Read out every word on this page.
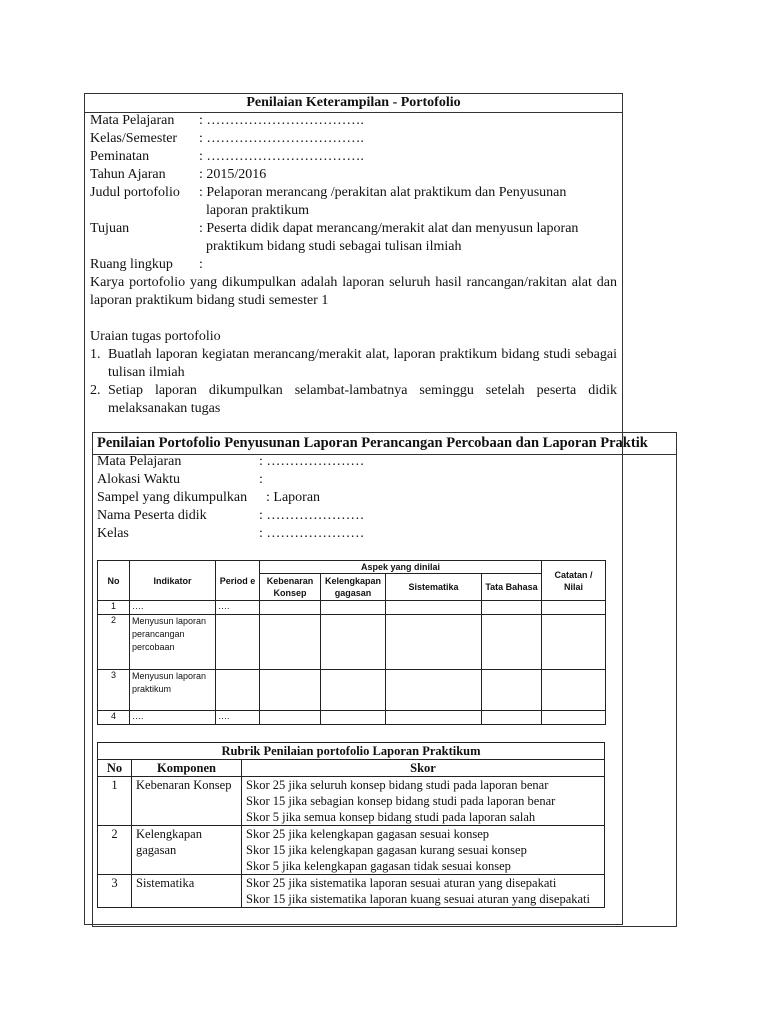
Penilaian Keterampilan - Portofolio
Mata Pelajaran : …………………………….
Kelas/Semester : …………………………….
Peminatan	: …………………………….
Tahun Ajaran : 2015/2016
Judul portofolio : Pelaporan merancang /perakitan alat praktikum dan Penyusunan
laporan praktikum
Tujuan	: Peserta didik dapat merancang/merakit alat dan menyusun laporan
praktikum bidang studi sebagai tulisan ilmiah
Ruang lingkup :
Karya portofolio yang dikumpulkan adalah laporan seluruh hasil rancangan/rakitan alat dan laporan praktikum bidang studi semester 1
Uraian tugas portofolio
1. Buatlah laporan kegiatan merancang/merakit alat, laporan praktikum bidang studi sebagai tulisan ilmiah
2. Setiap laporan dikumpulkan selambat-lambatnya seminggu setelah peserta didik melaksanakan tugas
Penilaian Portofolio Penyusunan Laporan Perancangan Percobaan dan Laporan Praktik
Mata Pelajaran	: …………………
Alokasi Waktu	:
Sampel yang dikumpulkan : Laporan
Nama Peserta didik	: …………………
Kelas	: …………………
No	Indikator	Period e	Aspek yang dinilai				Catatan / Nilai
			Kebenaran Konsep	Kelengkapan gagasan	Sistematika	Tata Bahasa	
1	….	….					
2	Menyusun laporan perancangan percobaan						
3	Menyusun laporan praktikum						
4	….	….					
Rubrik Penilaian portofolio Laporan Praktikum		
No	Komponen	Skor
1	Kebenaran Konsep	Skor 25 jika seluruh konsep bidang studi pada laporan benar
Skor 15 jika sebagian konsep bidang studi pada laporan benar
Skor 5 jika semua konsep bidang studi pada laporan salah

2	Kelengkapan gagasan	Skor 25 jika kelengkapan gagasan sesuai konsep
Skor 15 jika kelengkapan gagasan kurang sesuai konsep
Skor 5 jika kelengkapan gagasan tidak sesuai konsep

3	Sistematika	Skor 25 jika sistematika laporan sesuai aturan yang disepakati
Skor 15 jika sistematika laporan kuang sesuai aturan yang disepakati
